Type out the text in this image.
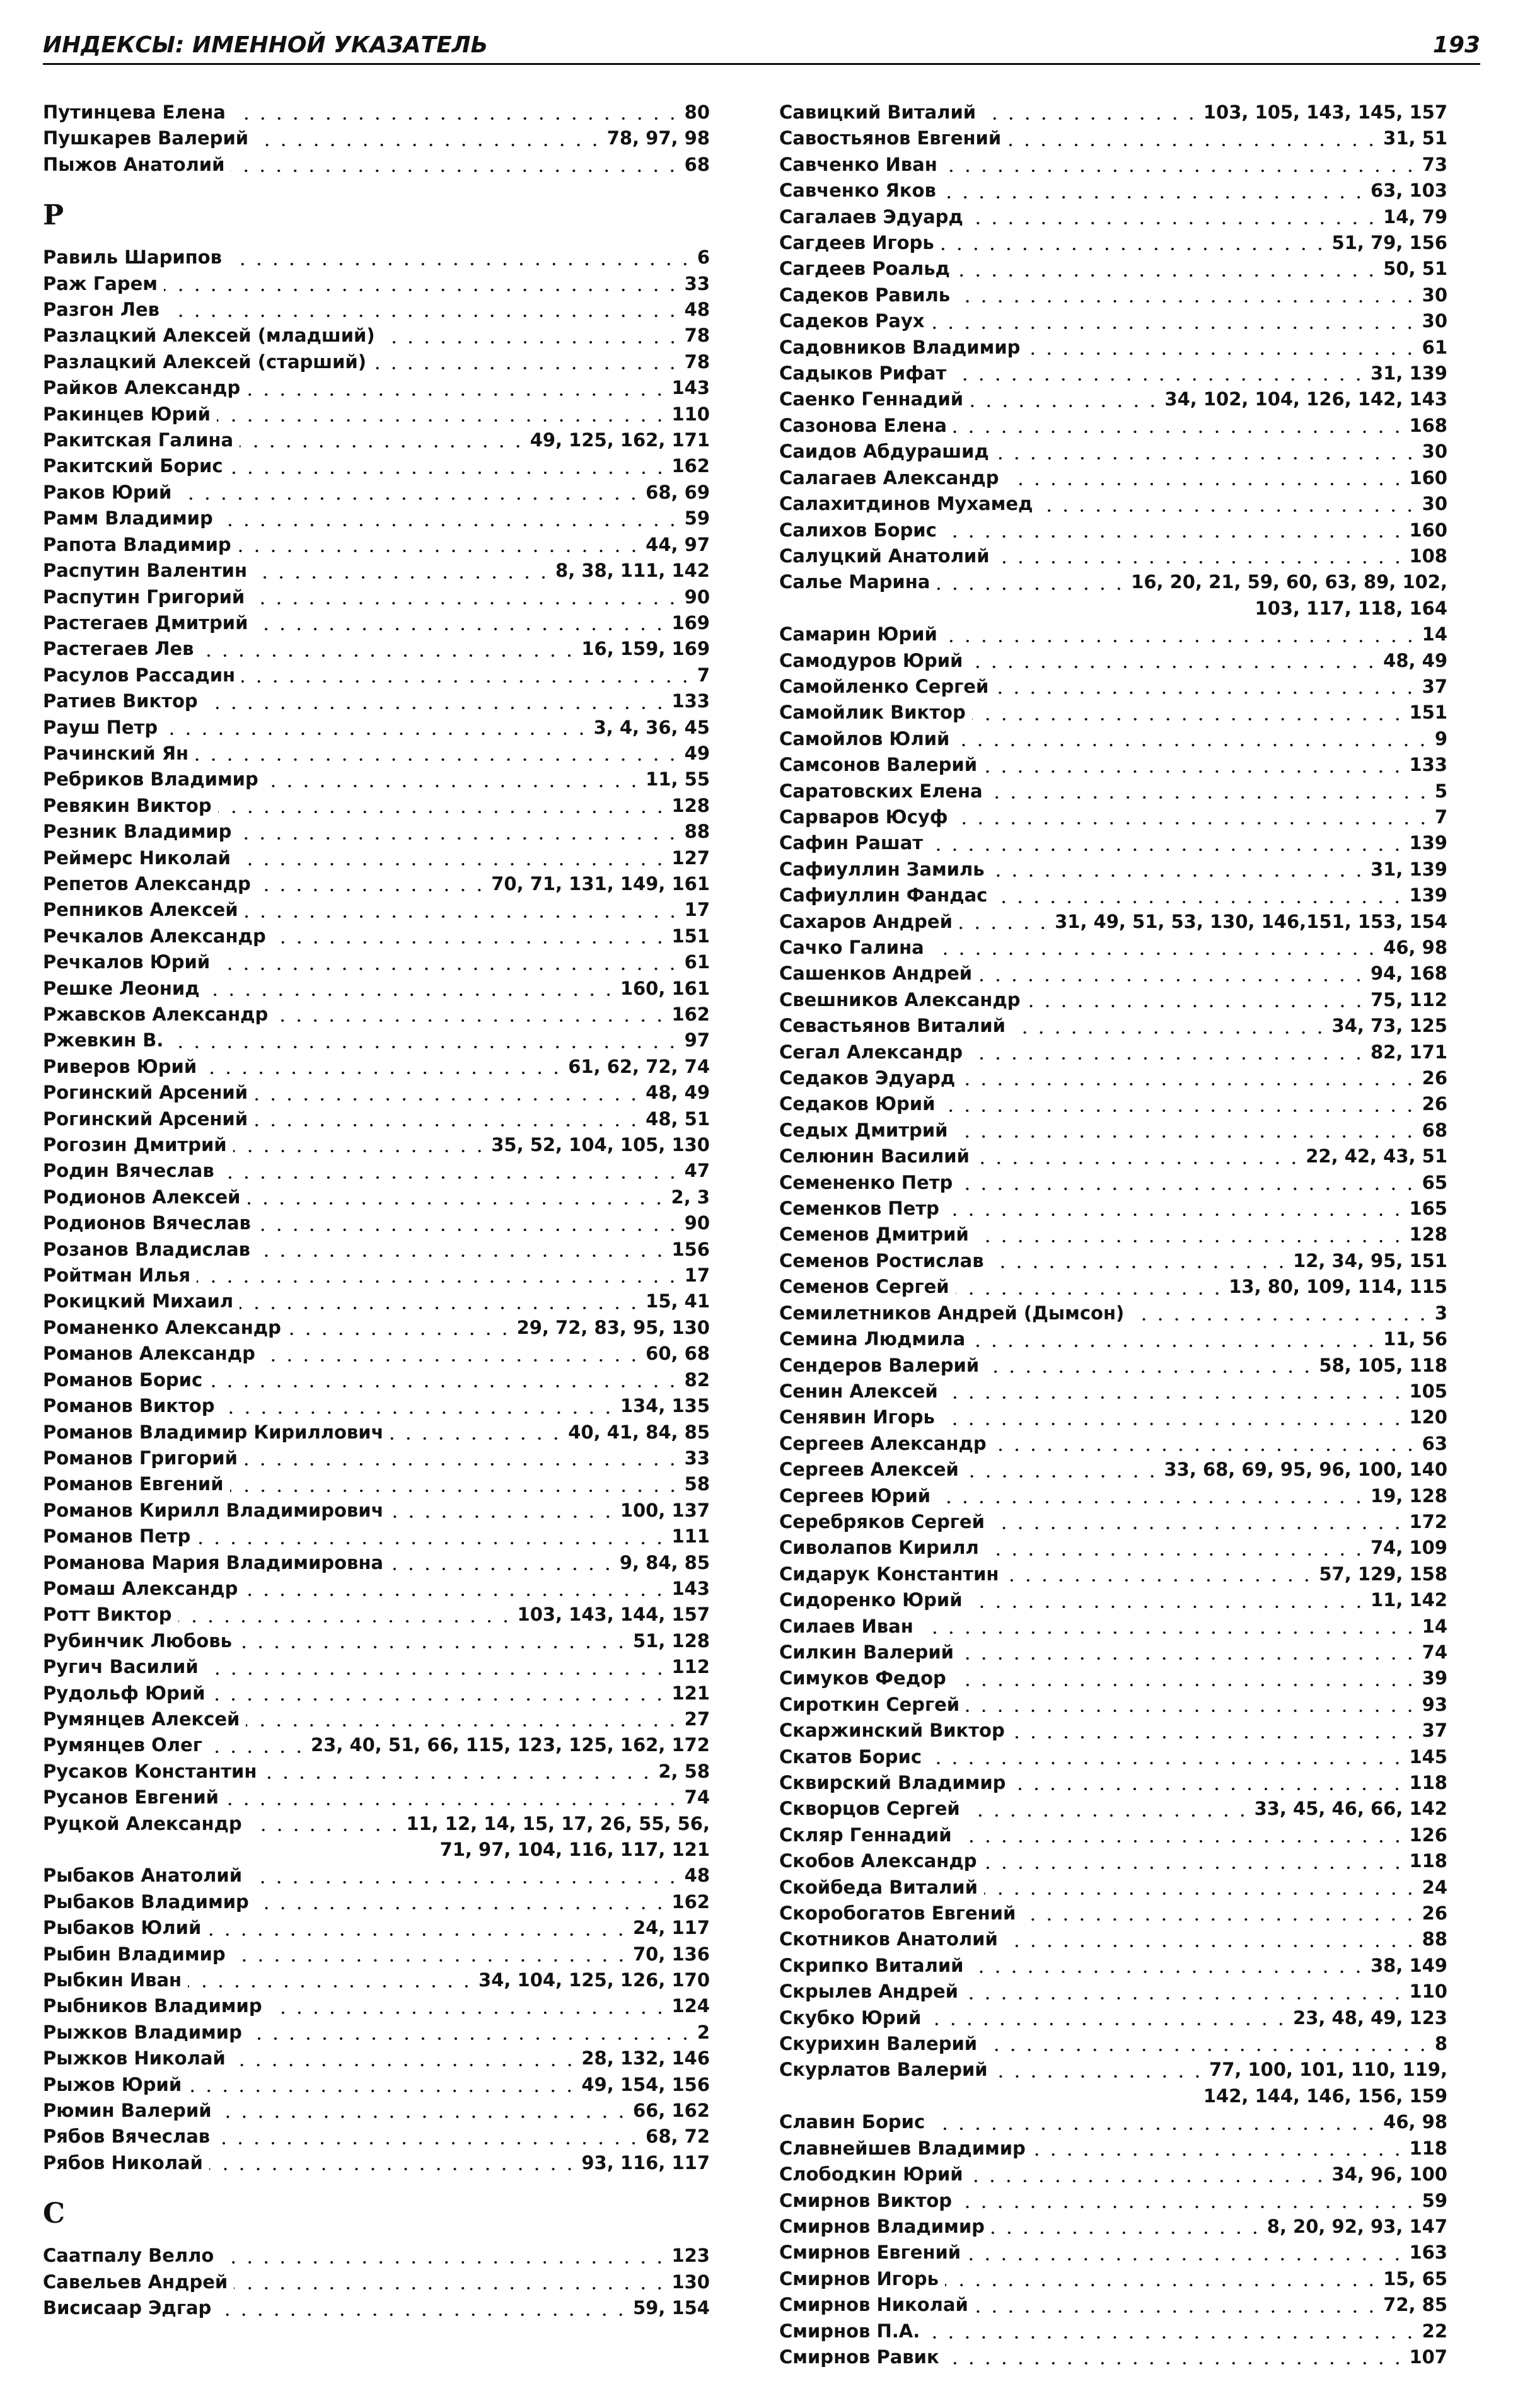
ИНДЕКСЫ: ИМЕННОЙ УКАЗАТЕЛЬ	193
Путинцева Елена	80
Пушкарев Валерий	78, 97, 98
Пыжов Анатолий	68
Р
Равиль Шарипов	6
Раж Гарем	33
Разгон Лев	48
Разлацкий Алексей (младший)	78
Разлацкий Алексей (старший)	78
Райков Александр	143
Ракинцев Юрий	110
Ракитская Галина	49, 125, 162, 171
Ракитский Борис	162
Раков Юрий	68, 69
Рамм Владимир	59
Рапота Владимир	44, 97
Распутин Валентин	8, 38, 111, 142
Распутин Григорий	90
Растегаев Дмитрий	169
Растегаев Лев	16, 159, 169
Расулов Рассадин	7
Ратиев Виктор	133
Рауш Петр	3, 4, 36, 45
Рачинский Ян	49
Ребриков Владимир	11, 55
Ревякин Виктор	128
Резник Владимир	88
Реймерс Николай	127
Репетов Александр	70, 71, 131, 149, 161
Репников Алексей	17
Речкалов Александр	151
Речкалов Юрий	61
Решке Леонид	160, 161
Ржавсков Александр	162
Ржевкин В.	97
Риверов Юрий	61, 62, 72, 74
Рогинский Арсений	48, 49
Рогинский Арсений	48, 51
Рогозин Дмитрий	35, 52, 104, 105, 130
Родин Вячеслав	47
Родионов Алексей	2, 3
Родионов Вячеслав	90
Розанов Владислав	156
Ройтман Илья	17
Рокицкий Михаил	15, 41
Романенко Александр	29, 72, 83, 95, 130
Романов Александр	60, 68
Романов Борис	82
Романов Виктор	134, 135
Романов Владимир Кириллович	40, 41, 84, 85
Романов Григорий	33
Романов Евгений	58
Романов Кирилл Владимирович	100, 137
Романов Петр	111
Романова Мария Владимировна	9, 84, 85
Ромаш Александр	143
Ротт Виктор	103, 143, 144, 157
Рубинчик Любовь	51, 128
Ругич Василий	112
Рудольф Юрий	121
Румянцев Алексей	27
Румянцев Олег	23, 40, 51, 66, 115, 123, 125, 162, 172
Русаков Константин	2, 58
Русанов Евгений	74
Руцкой Александр	11, 12, 14, 15, 17, 26, 55, 56,
71, 97, 104, 116, 117, 121
Рыбаков Анатолий	48
Рыбаков Владимир	162
Рыбаков Юлий	24, 117
Рыбин Владимир	70, 136
Рыбкин Иван	34, 104, 125, 126, 170
Рыбников Владимир	124
Рыжков Владимир	2
Рыжков Николай	28, 132, 146
Рыжов Юрий	49, 154, 156
Рюмин Валерий	66, 162
Рябов Вячеслав	68, 72
Рябов Николай	93, 116, 117
С
Саатпалу Велло	123
Савельев Андрей	130
Висисаар Эдгар	59, 154
Савицкий Виталий	103, 105, 143, 145, 157
Савостьянов Евгений	31, 51
Савченко Иван	73
Савченко Яков	63, 103
Сагалаев Эдуард	14, 79
Сагдеев Игорь	51, 79, 156
Сагдеев Роальд	50, 51
Садеков Равиль	30
Садеков Раух	30
Садовников Владимир	61
Садыков Рифат	31, 139
Саенко Геннадий	34, 102, 104, 126, 142, 143
Сазонова Елена	168
Саидов Абдурашид	30
Салагаев Александр	160
Салахитдинов Мухамед	30
Салихов Борис	160
Салуцкий Анатолий	108
Салье Марина	16, 20, 21, 59, 60, 63, 89, 102,
103, 117, 118, 164
Самарин Юрий	14
Самодуров Юрий	48, 49
Самойленко Сергей	37
Самойлик Виктор	151
Самойлов Юлий	9
Самсонов Валерий	133
Саратовских Елена	5
Сарваров Юсуф	7
Сафин Рашат	139
Сафиуллин Замиль	31, 139
Сафиуллин Фандас	139
Сахаров Андрей	31, 49, 51, 53, 130, 146,151, 153, 154
Сачко Галина	46, 98
Сашенков Андрей	94, 168
Свешников Александр	75, 112
Севастьянов Виталий	34, 73, 125
Сегал Александр	82, 171
Седаков Эдуард	26
Седаков Юрий	26
Седых Дмитрий	68
Селюнин Василий	22, 42, 43, 51
Семененко Петр	65
Семенков Петр	165
Семенов Дмитрий	128
Семенов Ростислав	12, 34, 95, 151
Семенов Сергей	13, 80, 109, 114, 115
Семилетников Андрей (Дымсон)	3
Семина Людмила	11, 56
Сендеров Валерий	58, 105, 118
Сенин Алексей	105
Сенявин Игорь	120
Сергеев Александр	63
Сергеев Алексей	33, 68, 69, 95, 96, 100, 140
Сергеев Юрий	19, 128
Серебряков Сергей	172
Сиволапов Кирилл	74, 109
Сидарук Константин	57, 129, 158
Сидоренко Юрий	11, 142
Силаев Иван	14
Силкин Валерий	74
Симуков Федор	39
Сироткин Сергей	93
Скаржинский Виктор	37
Скатов Борис	145
Сквирский Владимир	118
Скворцов Сергей	33, 45, 46, 66, 142
Скляр Геннадий	126
Скобов Александр	118
Скойбеда Виталий	24
Скоробогатов Евгений	26
Скотников Анатолий	88
Скрипко Виталий	38, 149
Скрылев Андрей	110
Скубко Юрий	23, 48, 49, 123
Скурихин Валерий	8
Скурлатов Валерий	77, 100, 101, 110, 119,
142, 144, 146, 156, 159
Славин Борис	46, 98
Славнейшев Владимир	118
Слободкин Юрий	34, 96, 100
Смирнов Виктор	59
Смирнов Владимир	8, 20, 92, 93, 147
Смирнов Евгений	163
Смирнов Игорь	15, 65
Смирнов Николай	72, 85
Смирнов П.А.	22
Смирнов Равик	107
